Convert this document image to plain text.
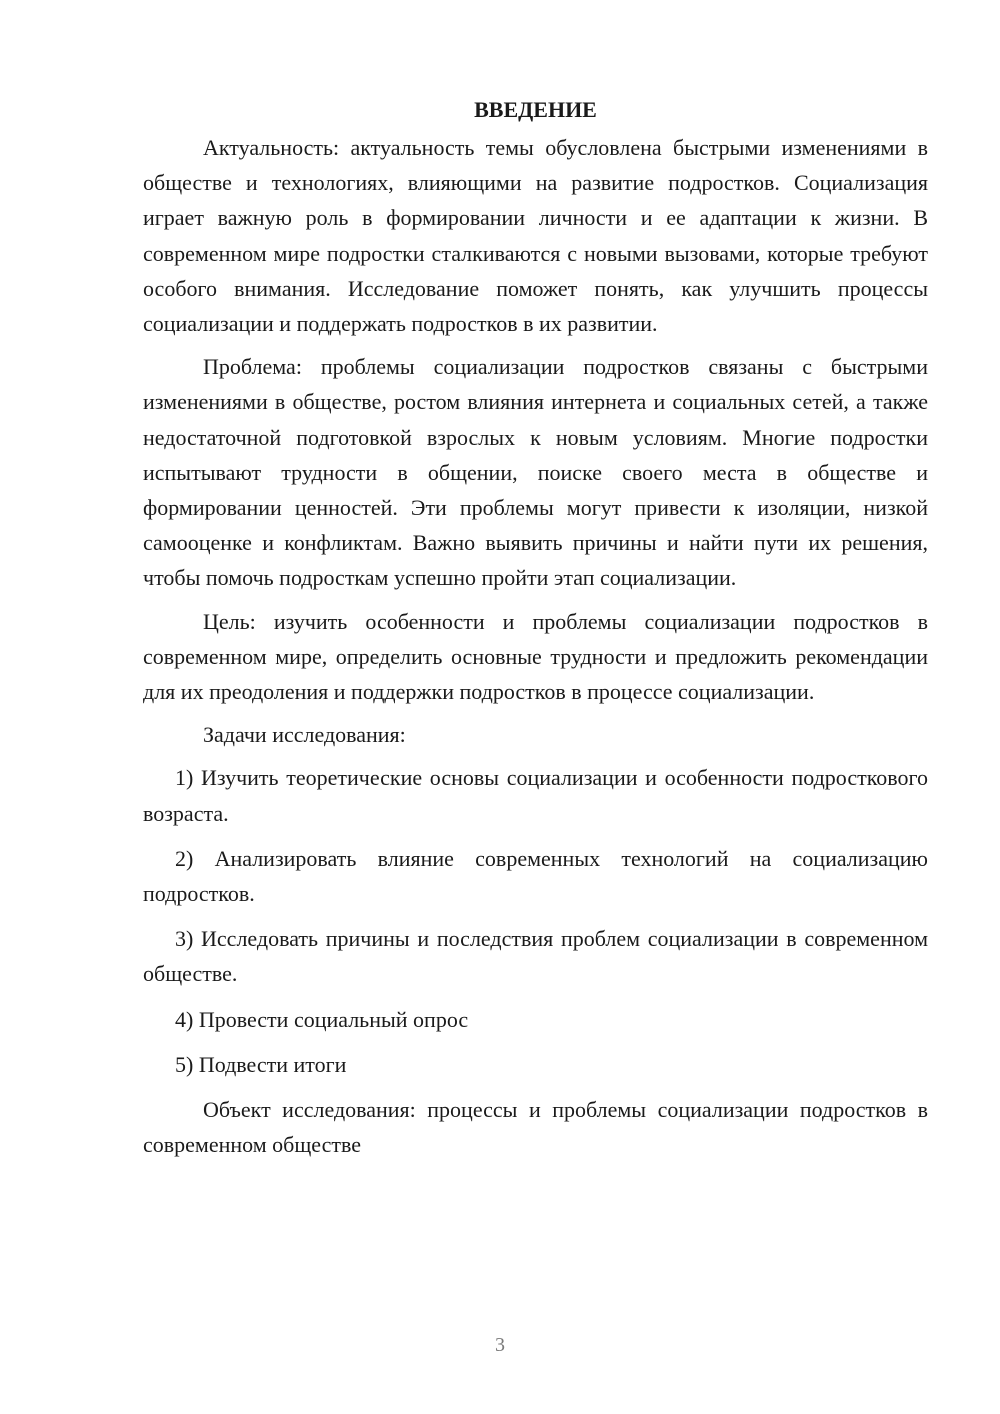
ВВЕДЕНИЕ

Актуальность: актуальность темы обусловлена быстрыми изменениями в обществе и технологиях, влияющими на развитие подростков. Социализация играет важную роль в формировании личности и ее адаптации к жизни. В современном мире подростки сталкиваются с новыми вызовами, которые требуют особого внимания. Исследование поможет понять, как улучшить процессы социализации и поддержать подростков в их развитии.

Проблема: проблемы социализации подростков связаны с быстрыми изменениями в обществе, ростом влияния интернета и социальных сетей, а также недостаточной подготовкой взрослых к новым условиям. Многие подростки испытывают трудности в общении, поиске своего места в обществе и формировании ценностей. Эти проблемы могут привести к изоляции, низкой самооценке и конфликтам. Важно выявить причины и найти пути их решения, чтобы помочь подросткам успешно пройти этап социализации.

Цель: изучить особенности и проблемы социализации подростков в современном мире, определить основные трудности и предложить рекомендации для их преодоления и поддержки подростков в процессе социализации.

Задачи исследования:

1) Изучить теоретические основы социализации и особенности подросткового возраста.

2) Анализировать влияние современных технологий на социализацию подростков.

3) Исследовать причины и последствия проблем социализации в современном обществе.

4) Провести социальный опрос

5) Подвести итоги

Объект исследования: процессы и проблемы социализации подростков в современном обществе

3
